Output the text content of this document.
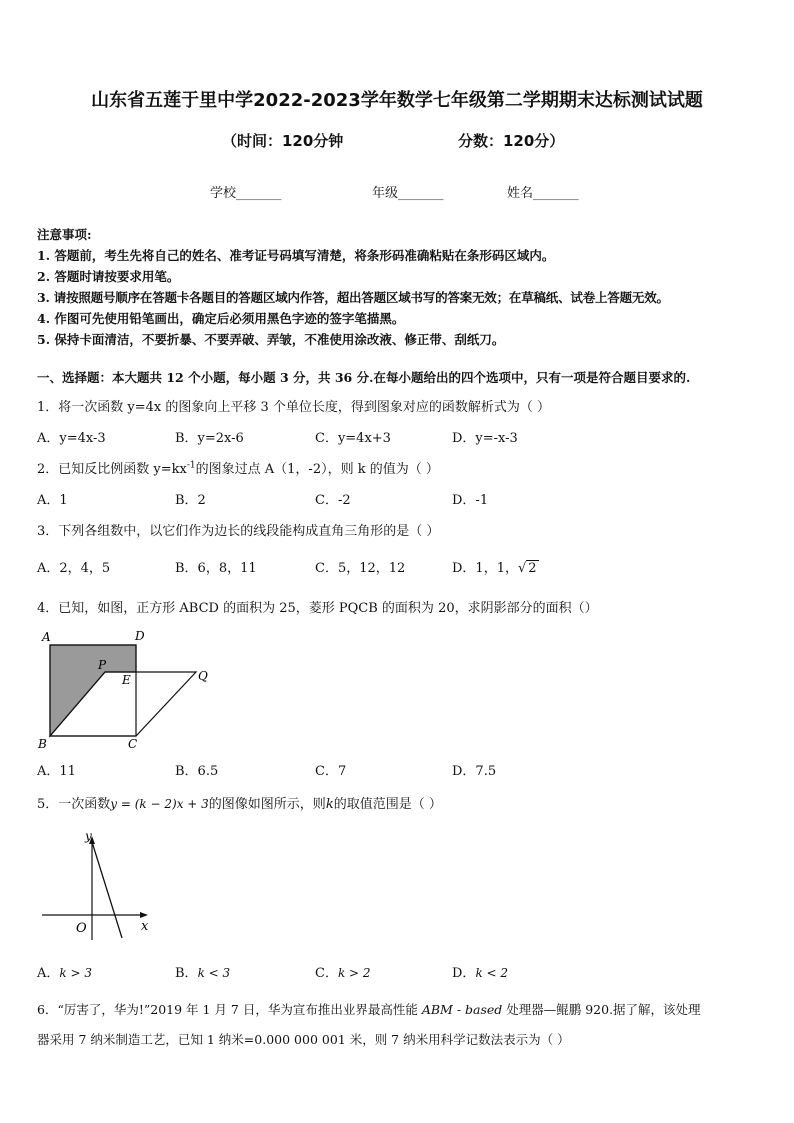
山东省五莲于里中学2022-2023学年数学七年级第二学期期末达标测试试题
（时间：120分钟	分数：120分）
学校_______	年级_______	姓名_______
注意事项:
1. 答题前，考生先将自己的姓名、准考证号码填写清楚，将条形码准确粘贴在条形码区域内。
2. 答题时请按要求用笔。
3. 请按照题号顺序在答题卡各题目的答题区域内作答，超出答题区域书写的答案无效；在草稿纸、试卷上答题无效。
4. 作图可先使用铅笔画出，确定后必须用黑色字迹的签字笔描黑。
5. 保持卡面清洁，不要折暴、不要弄破、弄皱，不准使用涂改液、修正带、刮纸刀。
一、选择题：本大题共 12 个小题，每小题 3 分，共 36 分.在每小题给出的四个选项中，只有一项是符合题目要求的.
1．将一次函数 y=4x 的图象向上平移 3 个单位长度，得到图象对应的函数解析式为（ ）
A．y=4x-3	B．y=2x-6	C．y=4x+3	D．y=-x-3
2．已知反比例函数 $y=kx^{-1}$的图象过点 A（1，-2），则 k 的值为（ ）
A．1	B．2	C．-2	D．-1
3．下列各组数中，以它们作为边长的线段能构成直角三角形的是（ ）
A．2，4，5	B．6，8，11	C．5，12，12	D．1，1，√ 2
4．已知，如图，正方形 ABCD 的面积为 25，菱形 PQCB 的面积为 20，求阴影部分的面积（）
A	D
P
E	Q
B	C
A．11	B．6.5	C．7	D．7.5
5．一次函数y = (k − 2)x + 3的图像如图所示，则k的取值范围是（ ）
y
O	x
A．k > 3	B．k < 3	C．k > 2	D．k < 2
6．“厉害了，华为!”2019 年 1 月 7 日，华为宣布推出业界最高性能 ABM - based 处理器—鲲鹏 920.据了解，该处理
器采用 7 纳米制造工艺，已知 1 纳米=0.000 000 001 米，则 7 纳米用科学记数法表示为（ ）
